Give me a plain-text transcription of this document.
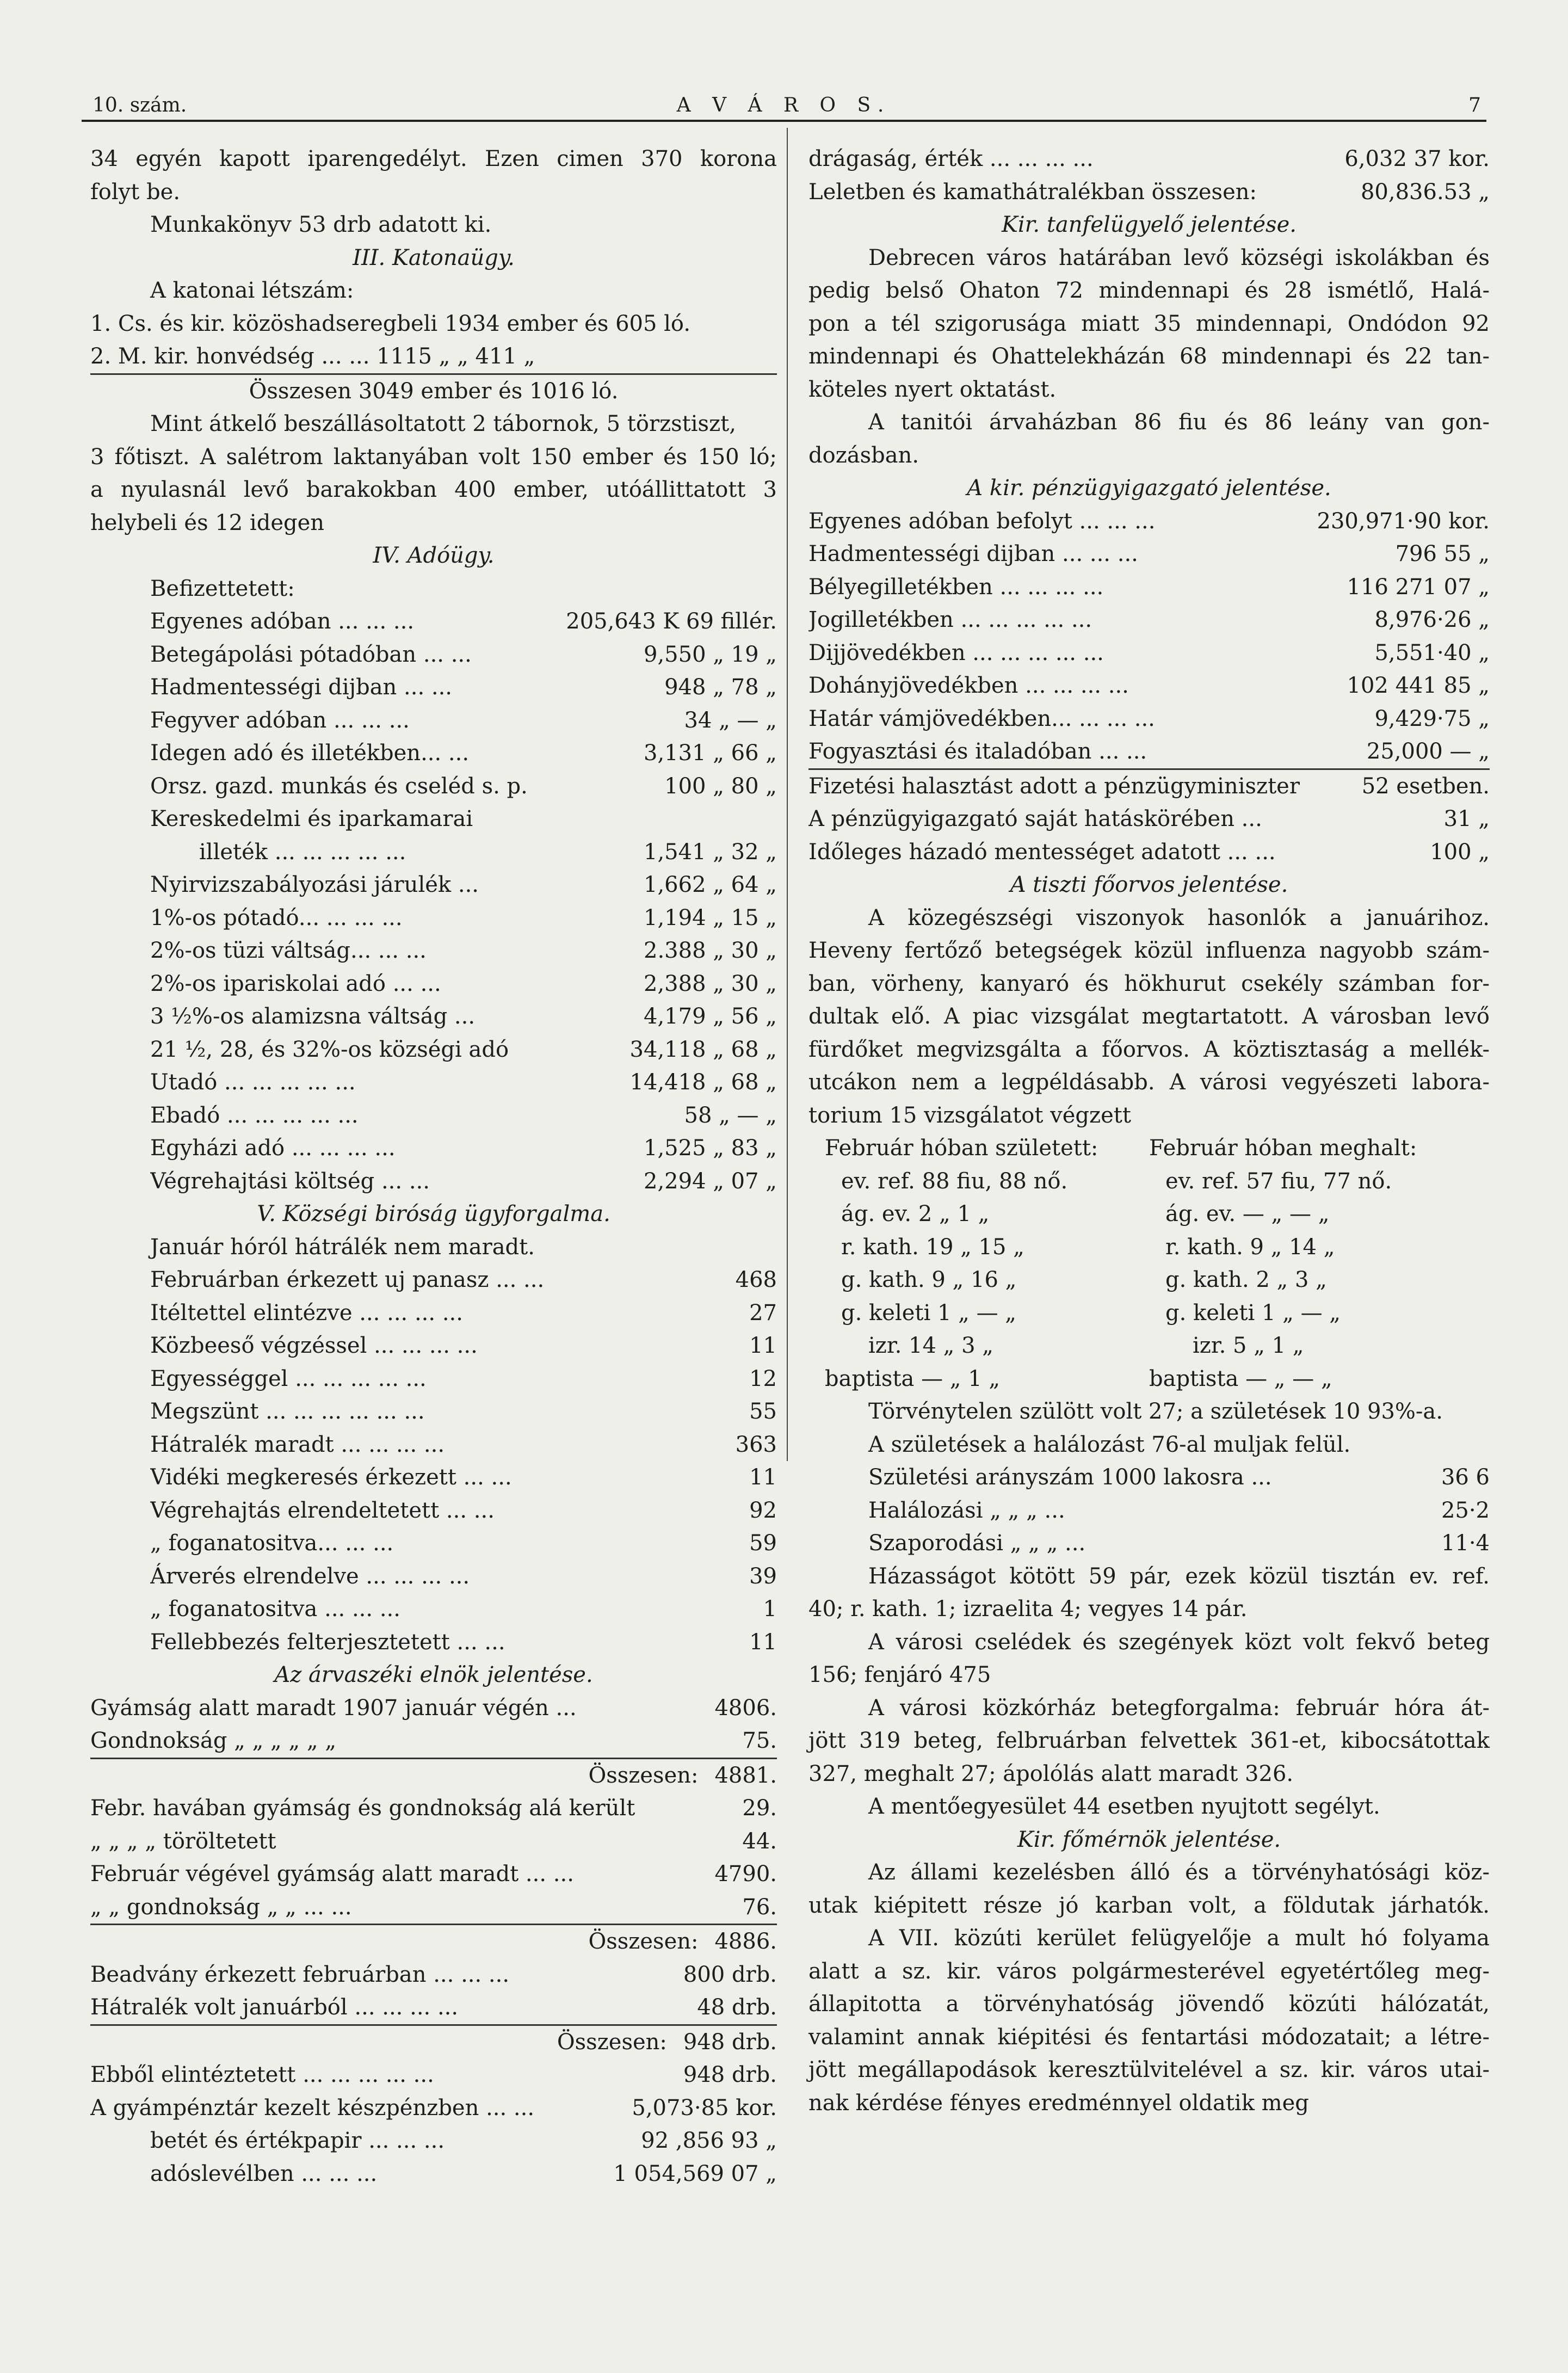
10. szám.	A V Á R O S.	7
34 egyén kapott iparengedélyt. Ezen cimen 370 korona
folyt be.
Munkakönyv 53 drb adatott ki.
III. Katonaügy.
A katonai létszám:
1. Cs. és kir. közöshadseregbeli 1934 ember és 605 ló.
2. M. kir. honvédség ... ... 1115 „ „ 411 „
Összesen 3049 ember és 1016 ló.
Mint átkelő beszállásoltatott 2 tábornok, 5 törzstiszt,
3 főtiszt. A salétrom laktanyában volt 150 ember és 150 ló;
a nyulasnál levő barakokban 400 ember, utóállittatott 3
helybeli és 12 idegen
IV. Adóügy.
Befizettetett:
Egyenes adóban ... ... ...	205,643 K 69 fillér.
Betegápolási pótadóban ... ...	9,550 „ 19 „
Hadmentességi dijban ... ...	948 „ 78 „
Fegyver adóban ... ... ...	34 „ — „
Idegen adó és illetékben... ...	3,131 „ 66 „
Orsz. gazd. munkás és cseléd s. p.	100 „ 80 „
Kereskedelmi és iparkamarai
illeték ... ... ... ... ...	1,541 „ 32 „
Nyirvizszabályozási járulék ...	1,662 „ 64 „
1%-os pótadó... ... ... ...	1,194 „ 15 „
2%-os tüzi váltság... ... ...	2.388 „ 30 „
2%-os ipariskolai adó ... ...	2,388 „ 30 „
3 ½%-os alamizsna váltság ...	4,179 „ 56 „
21 ½, 28, és 32%-os községi adó	34,118 „ 68 „
Utadó ... ... ... ... ...	14,418 „ 68 „
Ebadó ... ... ... ... ...	58 „ — „
Egyházi adó ... ... ... ...	1,525 „ 83 „
Végrehajtási költség ... ...	2,294 „ 07 „
V. Községi biróság ügyforgalma.
Január hóról hátrálék nem maradt.
Februárban érkezett uj panasz ... ...	468
Itéltettel elintézve ... ... ... ...	27
Közbeeső végzéssel ... ... ... ...	11
Egyességgel ... ... ... ... ...	12
Megszünt ... ... ... ... ... ...	55
Hátralék maradt ... ... ... ...	363
Vidéki megkeresés érkezett ... ...	11
Végrehajtás elrendeltetett ... ...	92
„ foganatositva... ... ...	59
Árverés elrendelve ... ... ... ...	39
„ foganatositva ... ... ...	1
Fellebbezés felterjesztetett ... ...	11
Az árvaszéki elnök jelentése.
Gyámság alatt maradt 1907 január végén ...	4806.
Gondnokság „ „ „ „ „ „	75.
Összesen: 4881.
Febr. havában gyámság és gondnokság alá került	29.
„ „ „ „ töröltetett	44.
Február végével gyámság alatt maradt ... ...	4790.
„ „ gondnokság „ „ ... ...	76.
Összesen: 4886.
Beadvány érkezett februárban ... ... ...	800 drb.
Hátralék volt januárból ... ... ... ...	48 drb.
Összesen: 948 drb.
Ebből elintéztetett ... ... ... ... ...	948 drb.
A gyámpénztár kezelt készpénzben ... ...	5,073·85 kor.
betét és értékpapir ... ... ...	92 ,856 93 „
adóslevélben ... ... ...	1 054,569 07 „
drágaság, érték ... ... ... ...	6,032 37 kor.
Leletben és kamathátralékban összesen:	80,836.53 „
Kir. tanfelügyelő jelentése.
Debrecen város határában levő községi iskolákban és
pedig belső Ohaton 72 mindennapi és 28 ismétlő, Halá-
pon a tél szigorusága miatt 35 mindennapi, Ondódon 92
mindennapi és Ohattelekházán 68 mindennapi és 22 tan-
köteles nyert oktatást.
A tanitói árvaházban 86 fiu és 86 leány van gon-
dozásban.
A kir. pénzügyigazgató jelentése.
Egyenes adóban befolyt ... ... ...	230,971·90 kor.
Hadmentességi dijban ... ... ...	796 55 „
Bélyegilletékben ... ... ... ...	116 271 07 „
Jogilletékben ... ... ... ... ...	8,976·26 „
Dijjövedékben ... ... ... ... ...	5,551·40 „
Dohányjövedékben ... ... ... ...	102 441 85 „
Határ vámjövedékben... ... ... ...	9,429·75 „
Fogyasztási és italadóban ... ...	25,000 — „
Fizetési halasztást adott a pénzügyminiszter	52 esetben.
A pénzügyigazgató saját hatáskörében ...	31 „
Időleges házadó mentességet adatott ... ...	100 „
A tiszti főorvos jelentése.
A közegészségi viszonyok hasonlók a januárihoz.
Heveny fertőző betegségek közül influenza nagyobb szám-
ban, vörheny, kanyaró és hökhurut csekély számban for-
dultak elő. A piac vizsgálat megtartatott. A városban levő
fürdőket megvizsgálta a főorvos. A köztisztaság a mellék-
utcákon nem a legpéldásabb. A városi vegyészeti labora-
torium 15 vizsgálatot végzett
Február hóban született:
ev. ref. 88 fiu, 88 nő.
ág. ev. 2 „ 1 „
r. kath. 19 „ 15 „
g. kath. 9 „ 16 „
g. keleti 1 „ — „
izr. 14 „ 3 „
baptista — „ 1 „
Február hóban meghalt:
ev. ref. 57 fiu, 77 nő.
ág. ev. — „ — „
r. kath. 9 „ 14 „
g. kath. 2 „ 3 „
g. keleti 1 „ — „
izr. 5 „ 1 „
baptista — „ — „
Törvénytelen szülött volt 27; a születések 10 93%-a.
A születések a halálozást 76-al muljak felül.
Születési arányszám 1000 lakosra ...	36 6
Halálozási „ „ „ ...	25·2
Szaporodási „ „ „ ...	11·4
Házasságot kötött 59 pár, ezek közül tisztán ev. ref.
40; r. kath. 1; izraelita 4; vegyes 14 pár.
A városi cselédek és szegények közt volt fekvő beteg
156; fenjáró 475
A városi közkórház betegforgalma: február hóra át-
jött 319 beteg, felbruárban felvettek 361-et, kibocsátottak
327, meghalt 27; ápolólás alatt maradt 326.
A mentőegyesület 44 esetben nyujtott segélyt.
Kir. főmérnök jelentése.
Az állami kezelésben álló és a törvényhatósági köz-
utak kiépitett része jó karban volt, a földutak járhatók.
A VII. közúti kerület felügyelője a mult hó folyama
alatt a sz. kir. város polgármesterével egyetértőleg meg-
állapitotta a törvényhatóság jövendő közúti hálózatát,
valamint annak kiépitési és fentartási módozatait; a létre-
jött megállapodások keresztülvitelével a sz. kir. város utai-
nak kérdése fényes eredménnyel oldatik meg
